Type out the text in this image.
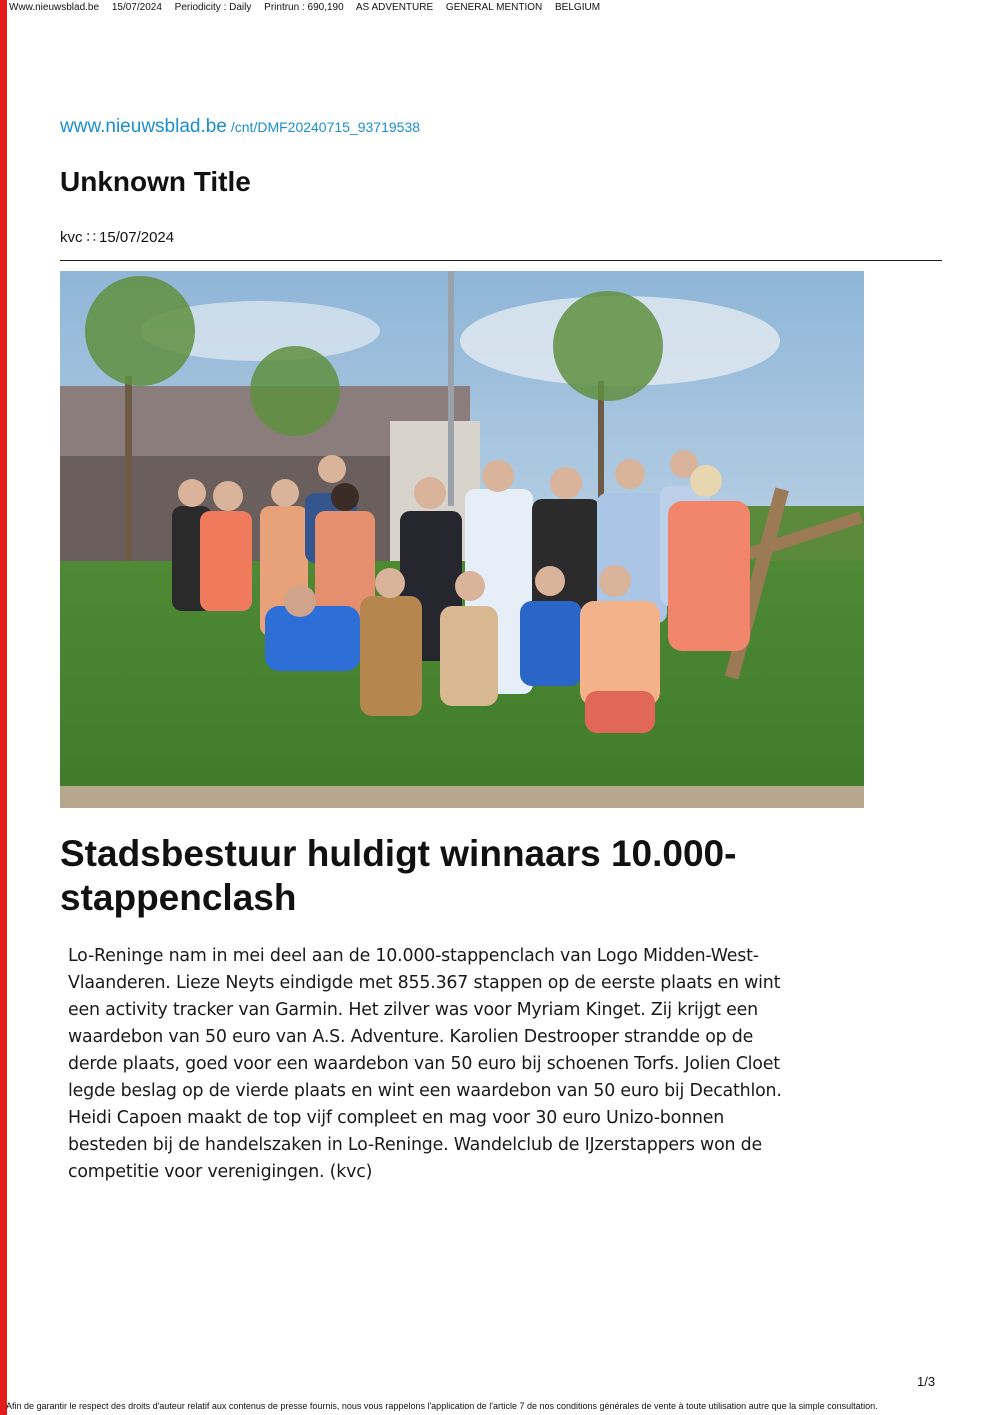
Www.nieuwsblad.be 15/07/2024 Periodicity : Daily Printrun : 690,190 AS ADVENTURE GENERAL MENTION BELGIUM
www.nieuwsblad.be /cnt/DMF20240715_93719538
Unknown Title
kvc ∷ 15/07/2024
Stadsbestuur huldigt winnaars 10.000-stappenclash

Lo-Reninge nam in mei deel aan de 10.000-stappenclach van Logo Midden-West-Vlaanderen. Lieze Neyts eindigde met 855.367 stappen op de eerste plaats en wint een activity tracker van Garmin. Het zilver was voor Myriam Kinget. Zij krijgt een waardebon van 50 euro van A.S. Adventure. Karolien Destrooper strandde op de derde plaats, goed voor een waardebon van 50 euro bij schoenen Torfs. Jolien Cloet legde beslag op de vierde plaats en wint een waardebon van 50 euro bij Decathlon. Heidi Capoen maakt de top vijf compleet en mag voor 30 euro Unizo-bonnen besteden bij de handelszaken in Lo-Reninge. Wandelclub de IJzerstappers won de competitie voor verenigingen. (kvc)

1/3
Afin de garantir le respect des droits d'auteur relatif aux contenus de presse fournis, nous vous rappelons l'application de l'article 7 de nos conditions générales de vente à toute utilisation autre que la simple consultation.
